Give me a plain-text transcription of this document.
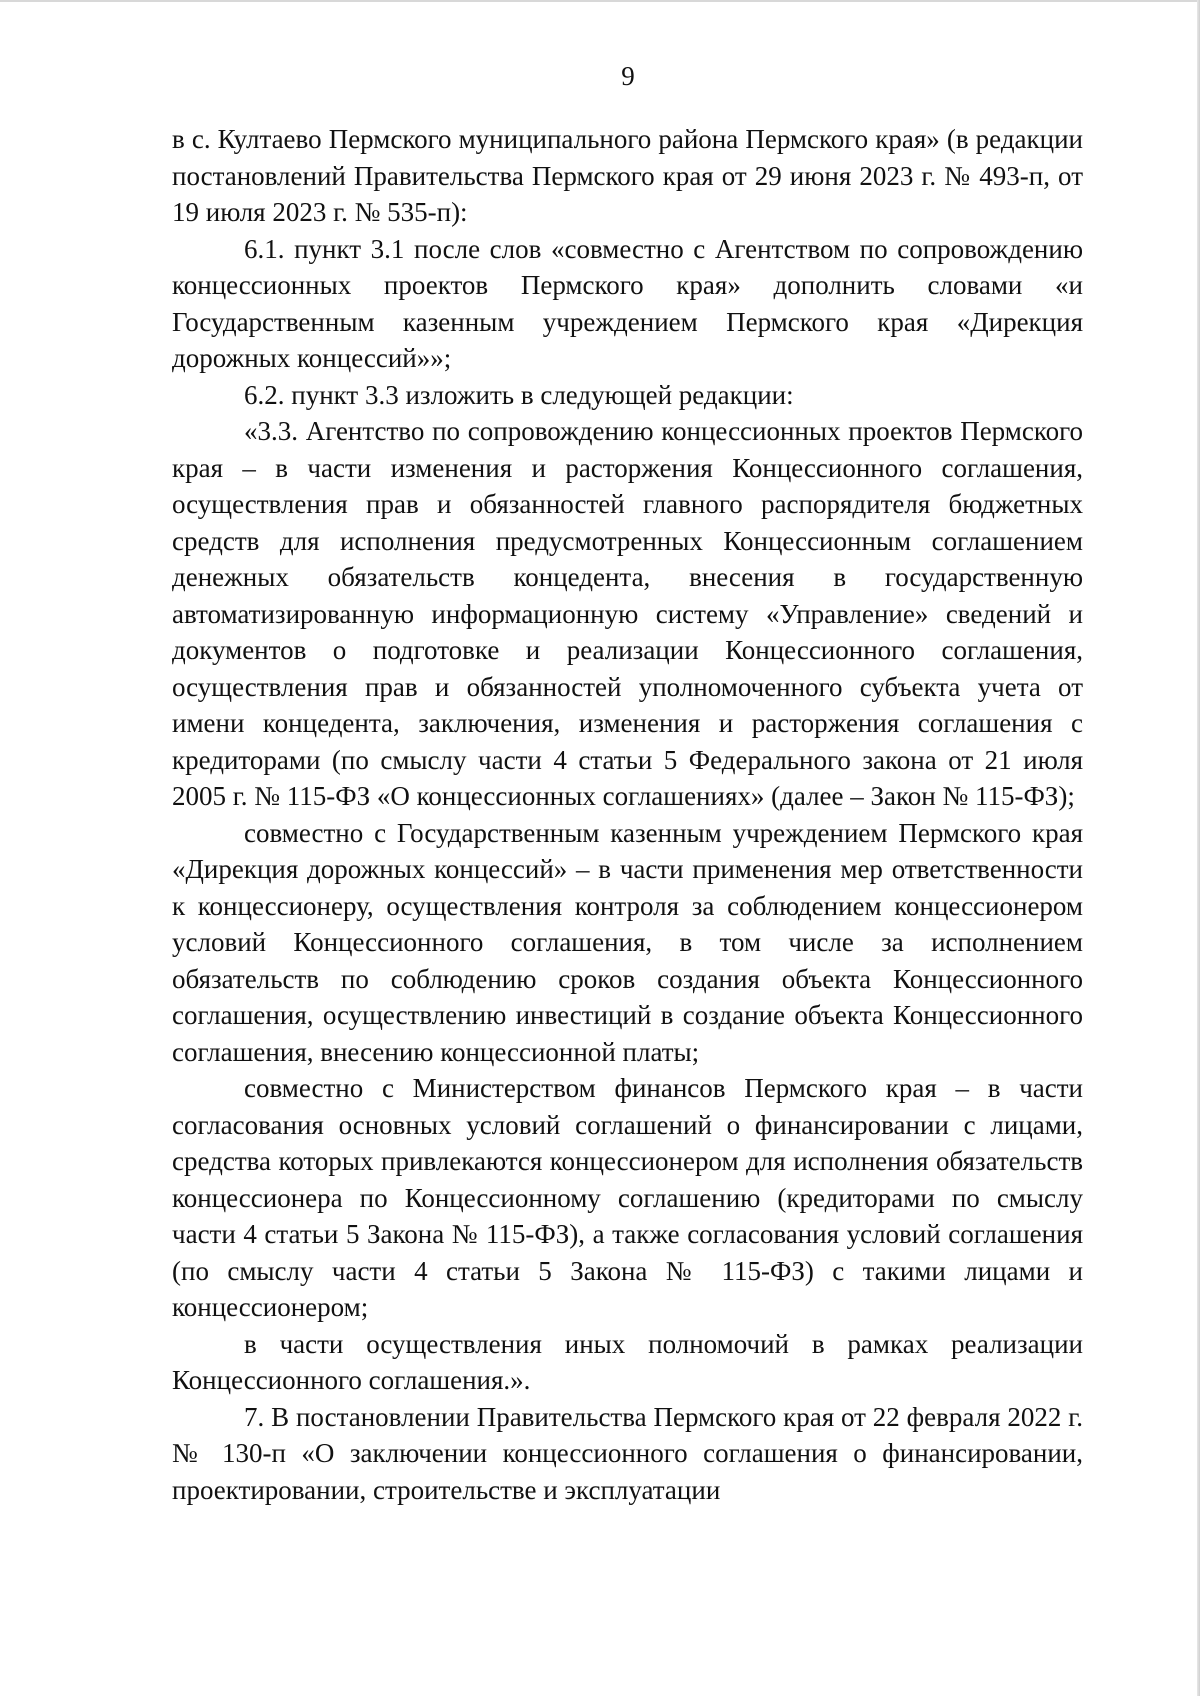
9

в с. Култаево Пермского муниципального района Пермского края» (в редакции постановлений Правительства Пермского края от 29 июня 2023 г. № 493-п, от 19 июля 2023 г. № 535-п):

6.1. пункт 3.1 после слов «совместно с Агентством по сопровождению концессионных проектов Пермского края» дополнить словами «и Государственным казенным учреждением Пермского края «Дирекция дорожных концессий»»;

6.2. пункт 3.3 изложить в следующей редакции:

«3.3. Агентство по сопровождению концессионных проектов Пермского края – в части изменения и расторжения Концессионного соглашения, осуществления прав и обязанностей главного распорядителя бюджетных средств для исполнения предусмотренных Концессионным соглашением денежных обязательств концедента, внесения в государственную автоматизированную информационную систему «Управление» сведений и документов о подготовке и реализации Концессионного соглашения, осуществления прав и обязанностей уполномоченного субъекта учета от имени концедента, заключения, изменения и расторжения соглашения с кредиторами (по смыслу части 4 статьи 5 Федерального закона от 21 июля 2005 г. № 115-ФЗ «О концессионных соглашениях» (далее – Закон № 115-ФЗ);

совместно с Государственным казенным учреждением Пермского края «Дирекция дорожных концессий» – в части применения мер ответственности к концессионеру, осуществления контроля за соблюдением концессионером условий Концессионного соглашения, в том числе за исполнением обязательств по соблюдению сроков создания объекта Концессионного соглашения, осуществлению инвестиций в создание объекта Концессионного соглашения, внесению концессионной платы;

совместно с Министерством финансов Пермского края – в части согласования основных условий соглашений о финансировании с лицами, средства которых привлекаются концессионером для исполнения обязательств концессионера по Концессионному соглашению (кредиторами по смыслу части 4 статьи 5 Закона № 115-ФЗ), а также согласования условий соглашения (по смыслу части 4 статьи 5 Закона № 115-ФЗ) с такими лицами и концессионером;

в части осуществления иных полномочий в рамках реализации Концессионного соглашения.».

7. В постановлении Правительства Пермского края от 22 февраля 2022 г. № 130-п «О заключении концессионного соглашения о финансировании, проектировании, строительстве и эксплуатации
